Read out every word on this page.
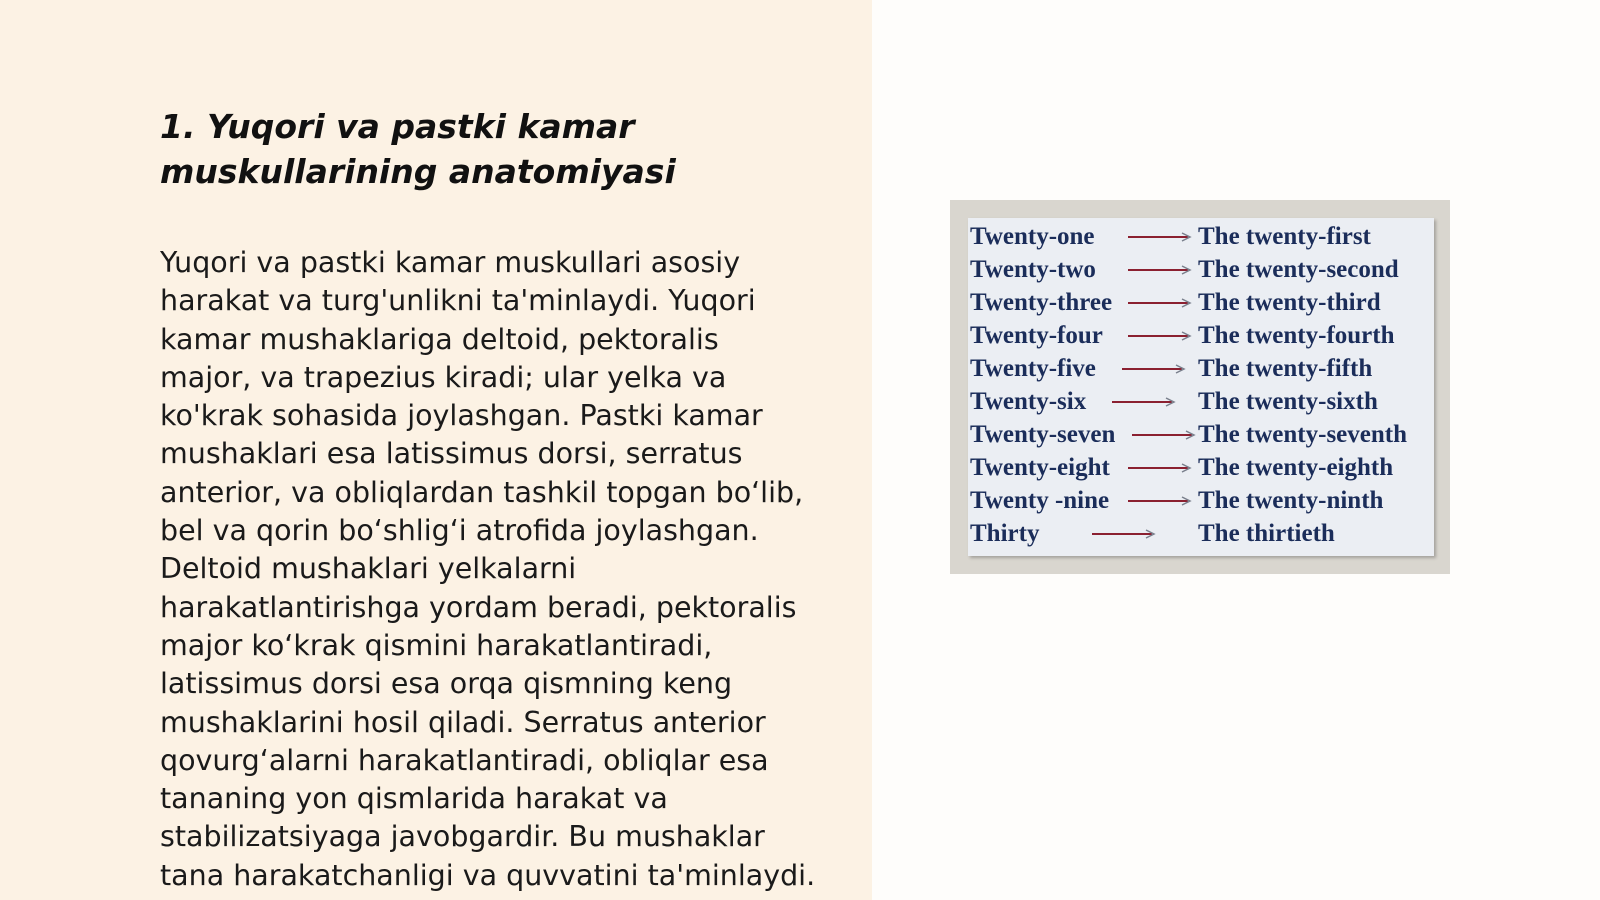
1. Yuqori va pastki kamar muskullarining anatomiyasi
Yuqori va pastki kamar muskullari asosiy
harakat va turg'unlikni ta'minlaydi. Yuqori
kamar mushaklariga deltoid, pektoralis
major, va trapezius kiradi; ular yelka va
ko'krak sohasida joylashgan. Pastki kamar
mushaklari esa latissimus dorsi, serratus
anterior, va obliqlardan tashkil topgan bo‘lib,
bel va qorin bo‘shlig‘i atrofida joylashgan.
Deltoid mushaklari yelkalarni
harakatlantirishga yordam beradi, pektoralis
major ko‘krak qismini harakatlantiradi,
latissimus dorsi esa orqa qismning keng
mushaklarini hosil qiladi. Serratus anterior
qovurg‘alarni harakatlantiradi, obliqlar esa
tananing yon qismlarida harakat va
stabilizatsiyaga javobgardir. Bu mushaklar
tana harakatchanligi va quvvatini ta'minlaydi.
Twenty-one	The twenty-first
Twenty-two	The twenty-second
Twenty-three	The twenty-third
Twenty-four	The twenty-fourth
Twenty-five	The twenty-fifth
Twenty-six	The twenty-sixth
Twenty-seven	The twenty-seventh
Twenty-eight	The twenty-eighth
Twenty -nine	The twenty-ninth
Thirty	The thirtieth
